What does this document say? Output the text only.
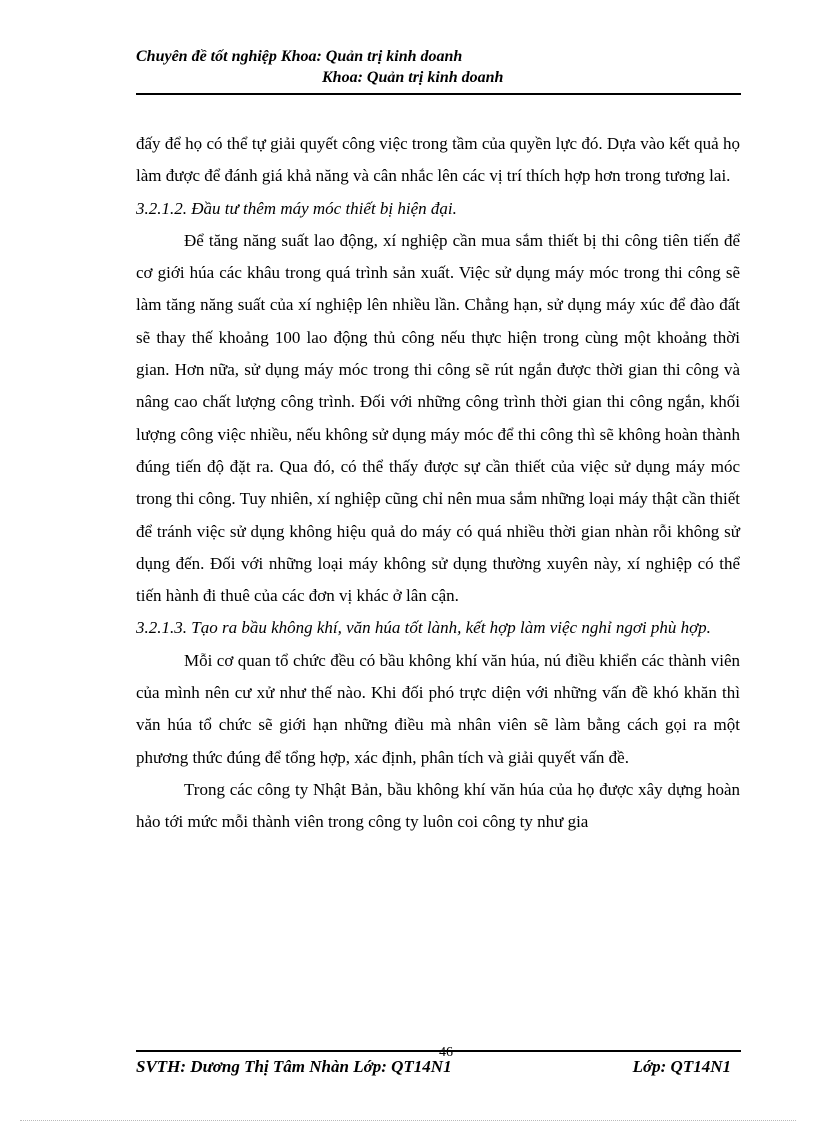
Chuyên đề tốt nghiệp Khoa: Quản trị kinh doanh
Khoa: Quản trị kinh doanh

đấy để họ có thể tự giải quyết công việc trong tầm của quyền lực đó. Dựa vào kết quả họ làm được để đánh giá khả năng và cân nhắc lên các vị trí thích hợp hơn trong tương lai.

3.2.1.2. Đầu tư thêm máy móc thiết bị hiện đại.

Để tăng năng suất lao động, xí nghiệp cần mua sắm thiết bị thi công tiên tiến để cơ giới húa các khâu trong quá trình sản xuất. Việc sử dụng máy móc trong thi công sẽ làm tăng năng suất của xí nghiệp lên nhiều lần. Chẳng hạn, sử dụng máy xúc để đào đất sẽ thay thế khoảng 100 lao động thủ công nếu thực hiện trong cùng một khoảng thời gian. Hơn nữa, sử dụng máy móc trong thi công sẽ rút ngắn được thời gian thi công và nâng cao chất lượng công trình. Đối với những công trình thời gian thi công ngắn, khối lượng công việc nhiều, nếu không sử dụng máy móc để thi công thì sẽ không hoàn thành đúng tiến độ đặt ra. Qua đó, có thể thấy được sự cần thiết của việc sử dụng máy móc trong thi công. Tuy nhiên, xí nghiệp cũng chỉ nên mua sắm những loại máy thật cần thiết để tránh việc sử dụng không hiệu quả do máy có quá nhiều thời gian nhàn rỗi không sử dụng đến. Đối với những loại máy không sử dụng thường xuyên này, xí nghiệp có thể tiến hành đi thuê của các đơn vị khác ở lân cận.

3.2.1.3. Tạo ra bầu không khí, văn húa tốt lành, kết hợp làm việc nghỉ ngơi phù hợp.

Mỗi cơ quan tổ chức đều có bầu không khí văn húa, nú điều khiển các thành viên của mình nên cư xử như thế nào. Khi đối phó trực diện với những vấn đề khó khăn thì văn húa tổ chức sẽ giới hạn những điều mà nhân viên sẽ làm bằng cách gọi ra một phương thức đúng để tổng hợp, xác định, phân tích và giải quyết vấn đề.

Trong các công ty Nhật Bản, bầu không khí văn húa của họ được xây dựng hoàn hảo tới mức mỗi thành viên trong công ty luôn coi công ty như gia

SVTH: Dương Thị Tâm Nhàn Lớp: QT14N1
46
Lớp: QT14N1
